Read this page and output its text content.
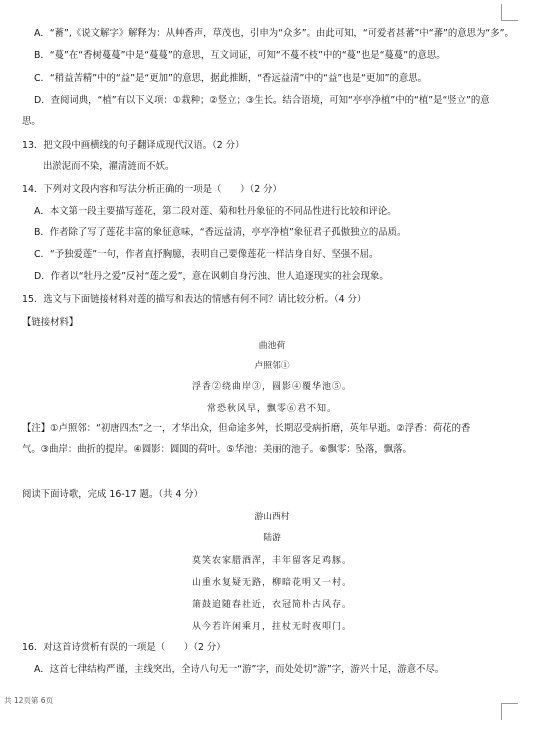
A．“蓄”,《说文解字》解释为：从艸香声，草茂也，引申为“众多”。由此可知，“可爱者甚蕃”中“蕃”的意思为“多”。
B．“蔓”在“香树蔓蔓”中是“蔓蔓”的意思，互文词证，可知“不蔓不枝”中的“蔓”也是“蔓蔓”的意思。
C．“稍益苦精”中的“益”是“更加”的意思，据此推断，“香远益清”中的“益”也是“更加”的意思。
D．查阅词典，“植”有以下义项：①栽种；②竖立；③生长。结合语境，可知“亭亭净植”中的“植”是“竖立”的意
思。
13．把文段中画横线的句子翻译成现代汉语。（2 分）
出淤泥而不染，濯清涟而不妖。
14．下列对文段内容和写法分析正确的一项是（　　）（2 分）
A．本文第一段主要描写莲花，第二段对莲、菊和牡丹象征的不同品性进行比较和评论。
B．作者除了写了莲花丰富的象征意味，“香远益清，亭亭净植”象征君子孤傲独立的品质。
C．“予独爱莲”一句，作者直抒胸臆，表明自己要像莲花一样洁身自好、坚强不屈。
D．作者以“牡丹之爱”反衬“莲之爱”，意在讽刺自身污浊、世人追逐现实的社会现象。
15．选文与下面链接材料对莲的描写和表达的情感有何不同？请比较分析。（4 分）
【链接材料】
曲池荷
卢照邻①
浮香②绕曲岸③，圆影④覆华池⑤。
常恐秋风早，飘零⑥君不知。
【注】①卢照邻：“初唐四杰”之一，才华出众，但命途多舛，长期忍受病折磨，英年早逝。②浮香：荷花的香
气。③曲岸：曲折的提岸。④圆影：圆圆的荷叶。⑤华池：美丽的池子。⑥飘零：坠落，飘落。
阅读下面诗歌，完成 16-17 题。（共 4 分）
游山西村
陆游
莫笑农家腊酒浑，丰年留客足鸡豚。
山重水复疑无路，柳暗花明又一村。
箫鼓追随春社近，衣冠简朴古风存。
从今若许闲乘月，拄杖无时夜叩门。
16．对这首诗赏析有误的一项是（　　）（2 分）
A．这首七律结构严谨，主线突出，全诗八句无一“游”字，而处处切“游”字，游兴十足，游意不尽。
共 12页第 6页
